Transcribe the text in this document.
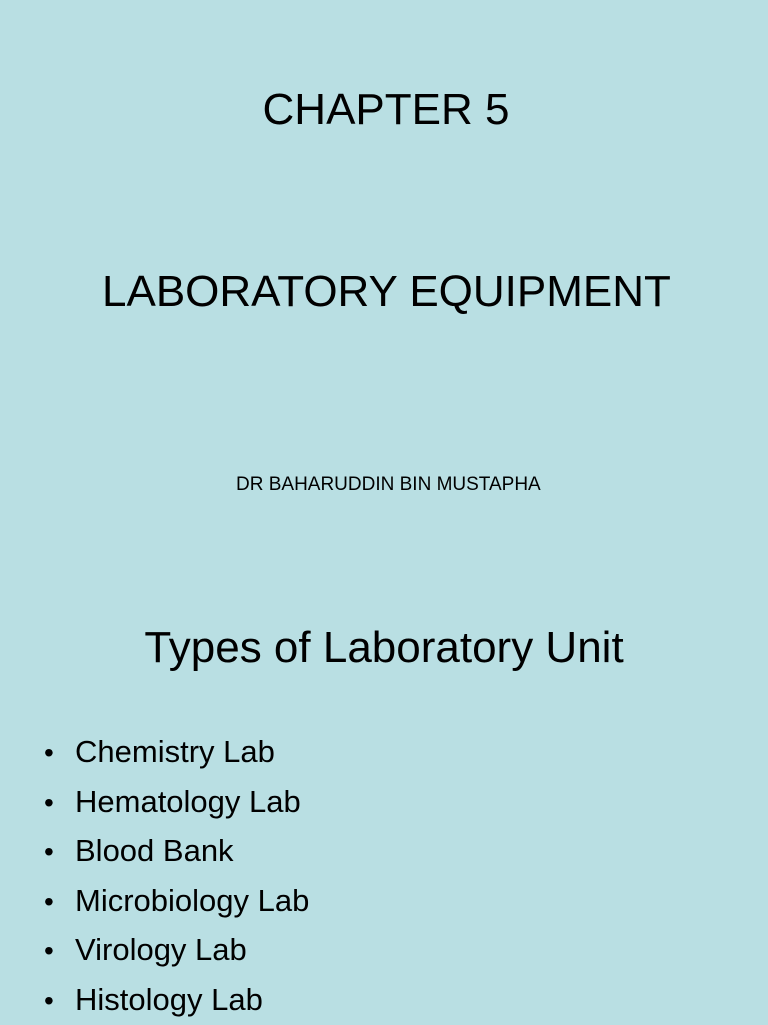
CHAPTER 5
LABORATORY EQUIPMENT
DR BAHARUDDIN BIN MUSTAPHA
Types of Laboratory Unit
• Chemistry Lab
• Hematology Lab
• Blood Bank
• Microbiology Lab
• Virology Lab
• Histology Lab
